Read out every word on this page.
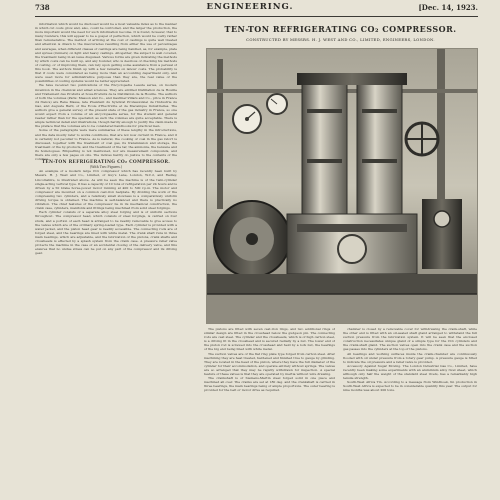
738	ENGINEERING.	[Dec. 14, 1923.

information which would be disclosed would be a most valuable index as to the manner in which cut costs grow and, also, could be controlled, and the larger the production, the more important would the need for such information become. It is found, however, that to many founders, this will appear to be a gospel of perfection, which would be costly rather than remunerative. The method of arriving at the cost of castings is quite well treated and attention is drawn to the inaccuracies resulting from either the use of percentages and averages, when different classes of castings are being handled, as, for example, plate and sprues (runners) on light and heavy castings. Altogether, the subject is well covered, the treatment being in an issue disguised. Various forms are given indicating the methods by which costs can be built up, and any founder, who is desirous of checking his methods of costing, or of improving them, can rely upon getting some assistance from a perusal of this book. The authors finish up with a few remarks on labour costs. The probability is that if costs were considered as being more than an accounting department only, and were used more for administrative purposes than they are, the real value of the possibilities of costing systems would be better appreciated.

We have received two publications of the Encyclopedie Leaute series, on modern invention in the chemical and allied sciences. They are entitled Distillation de la Houille and Traitement des Produits et Sous-Produits de la Distillation de la Houille. The authors of both the volumes (Paris: Masson and Co., and Gauthier-Villars and Co., price in France 24 francs) are Rene Masse, late President du Syndicat Professionnel de l'Industrie du Gaz, and Auguste Baril, of the Ecole d'Electricite et de Mecanique Industrielles. The authors give a general survey of the present state of the gas industry in France, so one would expect from a volume of an encyclopaedia series, for the student and general reader rather than for the specialist; as such the volumes are quite acceptable. There is ample technical detail and illustrations, though hardly enough to justify the claim made in the preface that the volumes are to be considered handbooks for practical men.

Some of the paragraphs were mere summaries of these lengthy in the introductions, and the data mostly refer to works conditions, that are not now current in France, and it is certainly not peculiar to France. As is natural, the cooking of coal in the gas retort is discussed, together with the treatment of coal gas, its transmission and storage, the treatment of the by-products, and the treatment of the tar, the ammonia, the benzene and its homologues. Briquetting is not mentioned, nor are measurement compounds, and there are only a few pages on oils. The indices hardly do justice to the contents of the volumes.

TEN-TON REFRIGERATING CO₂ COMPRESSOR.

(With Two Figures.)

An example of a modern large CO₂ compressor which has recently been built by Messrs. H. J. West and Co., Limited, of Guy's Lane, London, W.C.2, and Radley, Lincolnshire, is illustrated above. As will be seen the machine is of the twin-cylinder single-acting vertical type. It has a capacity of 10 tons of refrigeration per 24 hours and is driven by a 50 brake horse-power motor running at 400 to 500 r.p.m. The motor and compressor are mounted on a common cast-iron bedplate. By dividing the work of the compressing two cylinders, and a relatively small slowness is a comparatively uniform driving torque is obtained. The machine is self-balanced and there is practically no vibration. The chief features of the compressor lie in its mechanical construction, the crank case, cylinders, manifolds and fittings being machined from solid steel forgings.

Each cylinder consists of a separate alloy steel forging and is of uniform sections throughout. The compressor head, which consists of steel forgings, is carried on four studs, and a portion of each head is arranged to be readily removable to give access to the valves which are of the ordinary spring-loaded type. Each cylinder is provided with a water jacket, and the piston head gear is readily accessible. The connecting rods are of forged steel, and the bearings are lined with white metal. The crank shaft runs in three main bearings, which are adjustable, and the lubrication of the pistons, crank shafts and crossheads is effected by a splash system from the crank case. A pressure relief valve protects the machine in the case of an accidental closing of the delivery valve, and this ensures that no undue stress can be put on any part of the compressor and its driving gear.

TEN-TON REFRIGERATING CO₂ COMPRESSOR.
CONSTRUCTED BY MESSRS. H. J. WEST AND CO., LIMITED, ENGINEERS, LONDON.

The pistons are fitted with seven cast-iron rings, and two additional rings of similar design are fitted in the crosshead below the gudgeon pin. The connecting rods are cast steel. The cylinder and the crossheads, which is of high carbon steel, is a driving fit in the crosshead and is secured radially by a nut. The lower end of the piston rod is screwed into the crosshead and held by a lock nut, the bearings of the big end being lined with white metal.

The suction valves are of the flat ring plate type forged from carbon steel. After machining they are heat treated, hardened and finished true to gauge by grinding. They are located in the head of the piston, where they have the full diameter of the cylinder for their accommodation, and operate entirely without springs. The valves are so arranged that they may be rapidly withdrawn for inspection. A special feature of these valves is that they are operated by inertia without wire drawing.

The crankshaft is of Siemens-Martin steel forged solid in one piece and machined all over. The cranks are set at 180 deg. and the crankshaft is carried in three bearings, the main bearings being of ample proportions. The outer bearing is provided for the belt or motor drive as required.

chamber is closed by a removable cover for withdrawing the crank-shaft, while the other end is fitted with an oil-sealed shaft gland arranged to withstand the full suction pressure from the lubrication system. It will be seen that the enclosed construction necessitates unique gland of a simple type for the CO₂ cylinders and the crank-shaft gland. The suction valves open into the crank case and the suction gas passes into the cylinders at the top of the pistons.

All bearings and working surfaces inside the crank-chamber are continuously flooded with oil under pressure from a rotary gear pump. A pressure gauge is fitted to indicate the oil pressure and a relief valve is provided.

Accessory Against Sugar Moving. The London Industrial Gas Co., Limited, have recently been making some experiments with an aluminium alloy rivet sheet, which although only half the weight of the standard steel rivets, has a remarkably high tensile strength.

South-West Africa Tin. According to a message from Windhoek, tin production in South-West Africa is expected to be in considerable quantity this year. The output for nine months was about 200 tons.
